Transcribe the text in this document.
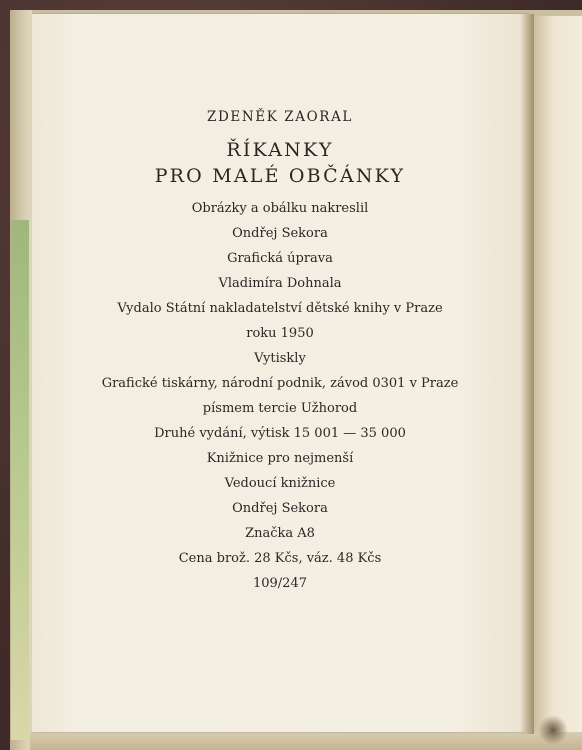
ZDENĚK ZAORAL
ŘÍKANKY
PRO MALÉ OBČÁNKY
Obrázky a obálku nakreslil
Ondřej Sekora
Grafická úprava
Vladimíra Dohnala
Vydalo Státní nakladatelství dětské knihy v Praze
roku 1950
Vytiskly
Grafické tiskárny, národní podnik, závod 0301 v Praze
písmem tercie Užhorod
Druhé vydání, výtisk 15 001 — 35 000
Knižnice pro nejmenší
Vedoucí knižnice
Ondřej Sekora
Značka A8
Cena brož. 28 Kčs, váz. 48 Kčs
109/247
